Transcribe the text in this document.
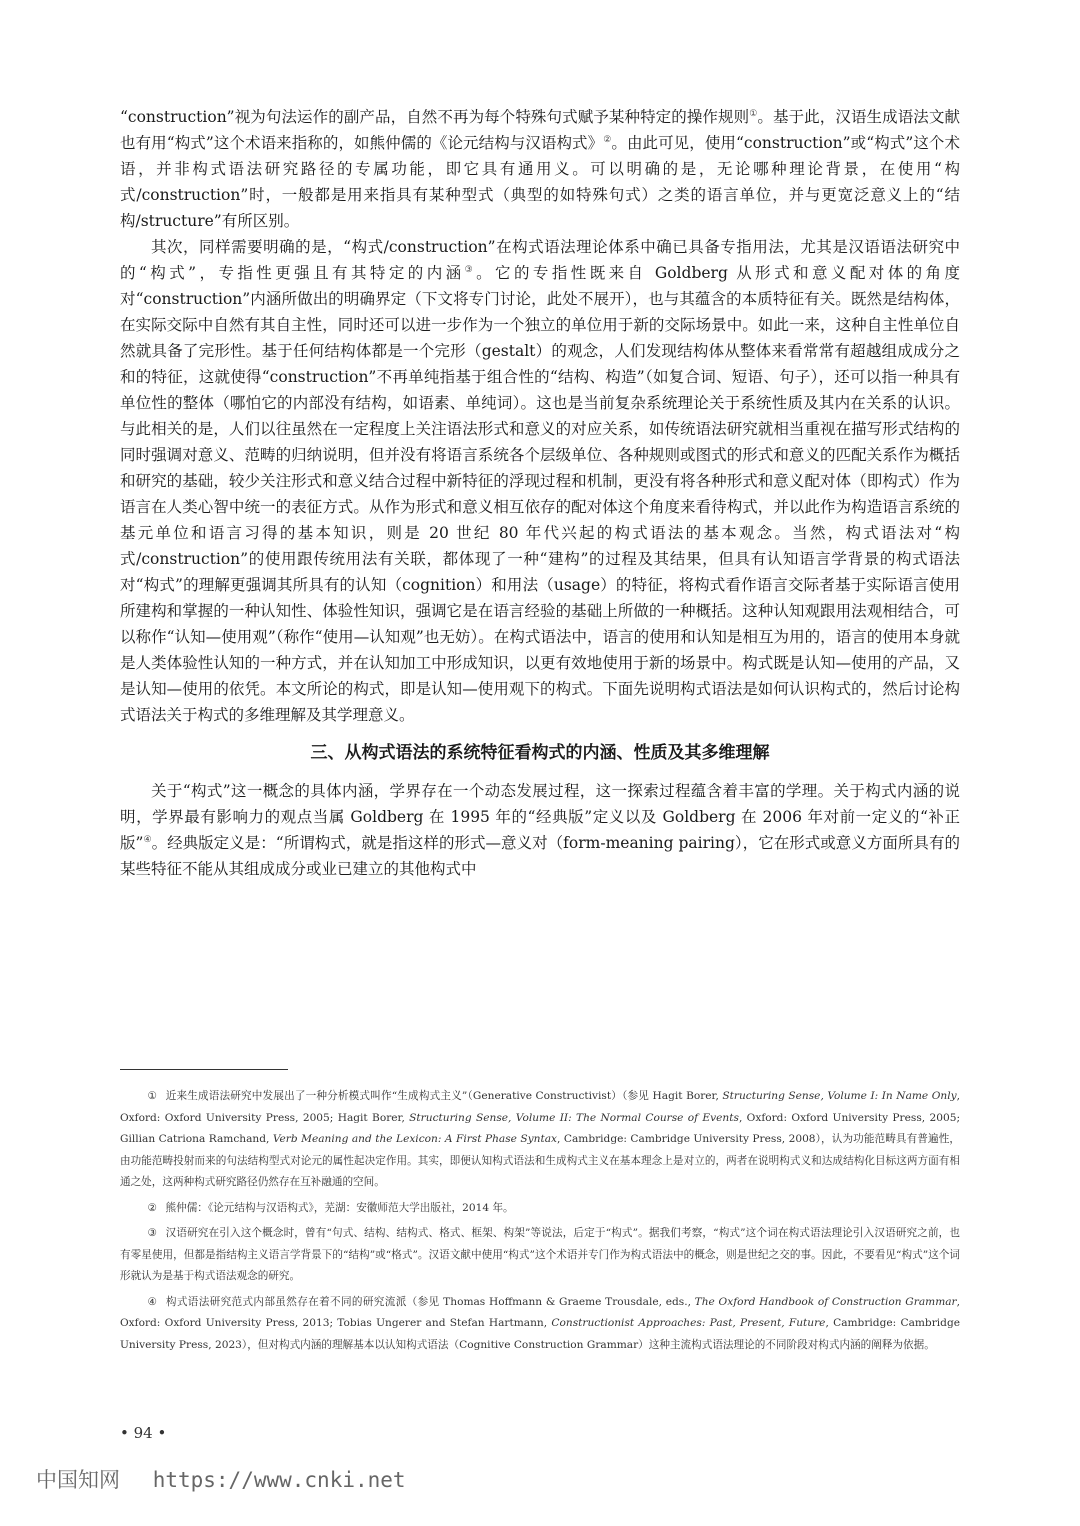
“construction”视为句法运作的副产品，自然不再为每个特殊句式赋予某种特定的操作规则①。基于此，汉语生成语法文献也有用“构式”这个术语来指称的，如熊仲儒的《论元结构与汉语构式》②。由此可见，使用“construction”或“构式”这个术语，并非构式语法研究路径的专属功能，即它具有通用义。可以明确的是，无论哪种理论背景，在使用“构式/construction”时，一般都是用来指具有某种型式（典型的如特殊句式）之类的语言单位，并与更宽泛意义上的“结构/structure”有所区别。

其次，同样需要明确的是，“构式/construction”在构式语法理论体系中确已具备专指用法，尤其是汉语语法研究中的“构式”，专指性更强且有其特定的内涵③。它的专指性既来自 Goldberg 从形式和意义配对体的角度对“construction”内涵所做出的明确界定（下文将专门讨论，此处不展开），也与其蕴含的本质特征有关。既然是结构体，在实际交际中自然有其自主性，同时还可以进一步作为一个独立的单位用于新的交际场景中。如此一来，这种自主性单位自然就具备了完形性。基于任何结构体都是一个完形（gestalt）的观念，人们发现结构体从整体来看常常有超越组成成分之和的特征，这就使得“construction”不再单纯指基于组合性的“结构、构造”（如复合词、短语、句子），还可以指一种具有单位性的整体（哪怕它的内部没有结构，如语素、单纯词）。这也是当前复杂系统理论关于系统性质及其内在关系的认识。与此相关的是，人们以往虽然在一定程度上关注语法形式和意义的对应关系，如传统语法研究就相当重视在描写形式结构的同时强调对意义、范畴的归纳说明，但并没有将语言系统各个层级单位、各种规则或图式的形式和意义的匹配关系作为概括和研究的基础，较少关注形式和意义结合过程中新特征的浮现过程和机制，更没有将各种形式和意义配对体（即构式）作为语言在人类心智中统一的表征方式。从作为形式和意义相互依存的配对体这个角度来看待构式，并以此作为构造语言系统的基元单位和语言习得的基本知识，则是 20 世纪 80 年代兴起的构式语法的基本观念。当然，构式语法对“构式/construction”的使用跟传统用法有关联，都体现了一种“建构”的过程及其结果，但具有认知语言学背景的构式语法对“构式”的理解更强调其所具有的认知（cognition）和用法（usage）的特征，将构式看作语言交际者基于实际语言使用所建构和掌握的一种认知性、体验性知识，强调它是在语言经验的基础上所做的一种概括。这种认知观跟用法观相结合，可以称作“认知—使用观”（称作“使用—认知观”也无妨）。在构式语法中，语言的使用和认知是相互为用的，语言的使用本身就是人类体验性认知的一种方式，并在认知加工中形成知识，以更有效地使用于新的场景中。构式既是认知—使用的产品，又是认知—使用的依凭。本文所论的构式，即是认知—使用观下的构式。下面先说明构式语法是如何认识构式的，然后讨论构式语法关于构式的多维理解及其学理意义。

三、从构式语法的系统特征看构式的内涵、性质及其多维理解

关于“构式”这一概念的具体内涵，学界存在一个动态发展过程，这一探索过程蕴含着丰富的学理。关于构式内涵的说明，学界最有影响力的观点当属 Goldberg 在 1995 年的“经典版”定义以及 Goldberg 在 2006 年对前一定义的“补正版”④。经典版定义是：“所谓构式，就是指这样的形式—意义对（form-meaning pairing），它在形式或意义方面所具有的某些特征不能从其组成成分或业已建立的其他构式中

① 近来生成语法研究中发展出了一种分析模式叫作“生成构式主义”（Generative Constructivist）（参见 Hagit Borer, Structuring Sense, Volume I: In Name Only, Oxford: Oxford University Press, 2005; Hagit Borer, Structuring Sense, Volume II: The Normal Course of Events, Oxford: Oxford University Press, 2005; Gillian Catriona Ramchand, Verb Meaning and the Lexicon: A First Phase Syntax, Cambridge: Cambridge University Press, 2008），认为功能范畴具有普遍性，由功能范畴投射而来的句法结构型式对论元的属性起决定作用。其实，即便认知构式语法和生成构式主义在基本理念上是对立的，两者在说明构式义和达成结构化目标这两方面有相通之处，这两种构式研究路径仍然存在互补融通的空间。

② 熊仲儒：《论元结构与汉语构式》，芜湖：安徽师范大学出版社，2014 年。

③ 汉语研究在引入这个概念时，曾有“句式、结构、结构式、格式、框架、构架”等说法，后定于“构式”。据我们考察，“构式”这个词在构式语法理论引入汉语研究之前，也有零星使用，但都是指结构主义语言学背景下的“结构”或“格式”。汉语文献中使用“构式”这个术语并专门作为构式语法中的概念，则是世纪之交的事。因此，不要看见“构式”这个词形就认为是基于构式语法观念的研究。

④ 构式语法研究范式内部虽然存在着不同的研究流派（参见 Thomas Hoffmann & Graeme Trousdale, eds., The Oxford Handbook of Construction Grammar, Oxford: Oxford University Press, 2013; Tobias Ungerer and Stefan Hartmann, Constructionist Approaches: Past, Present, Future, Cambridge: Cambridge University Press, 2023），但对构式内涵的理解基本以认知构式语法（Cognitive Construction Grammar）这种主流构式语法理论的不同阶段对构式内涵的阐释为依据。

• 94 •
中国知网 https://www.cnki.net
